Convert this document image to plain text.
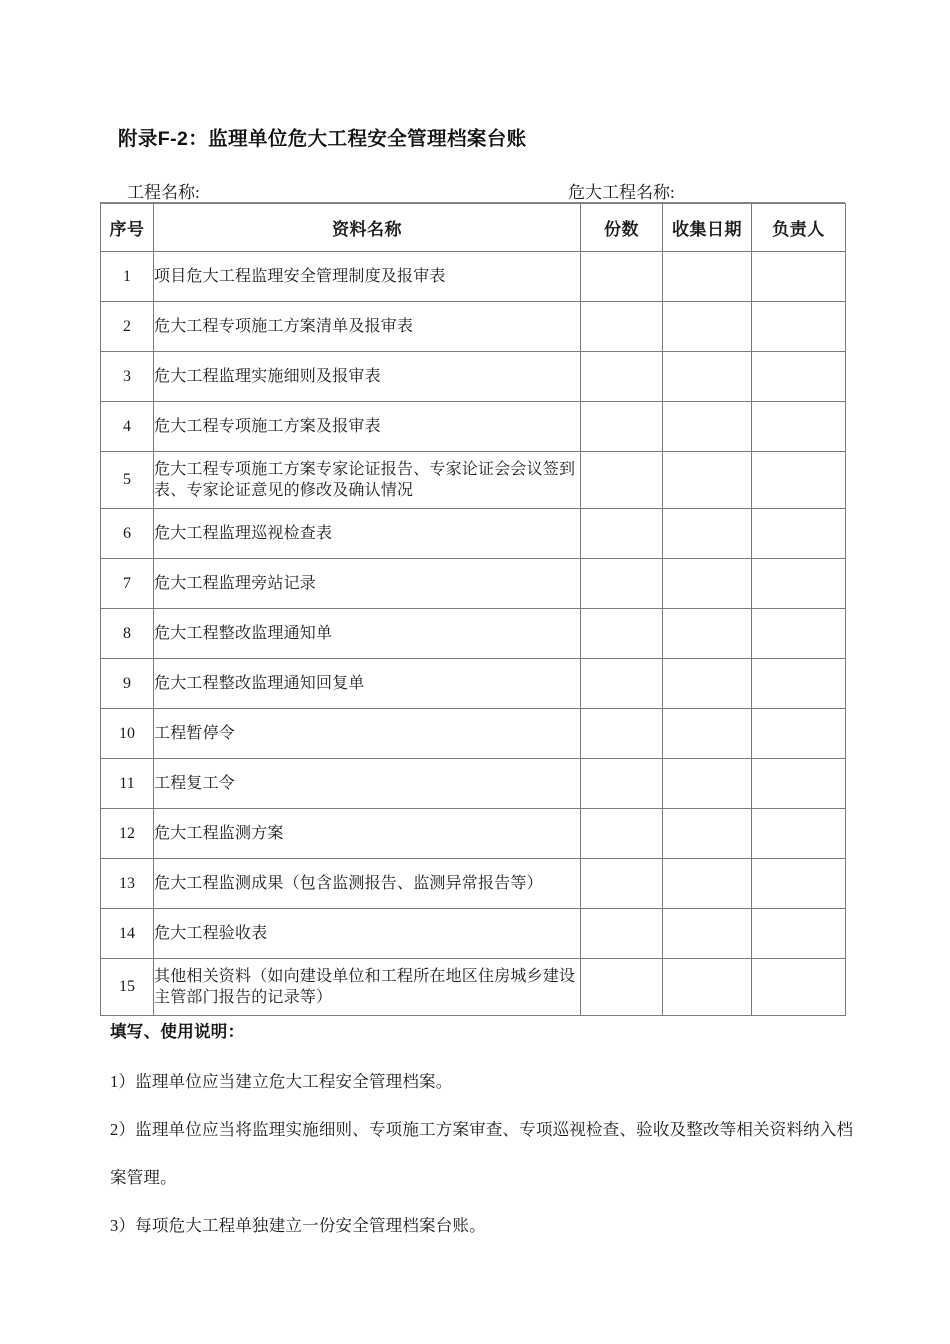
附录F-2：监理单位危大工程安全管理档案台账
工程名称:	危大工程名称:
序号	资料名称	份数	收集日期	负责人
1	项目危大工程监理安全管理制度及报审表			
2	危大工程专项施工方案清单及报审表			
3	危大工程监理实施细则及报审表			
4	危大工程专项施工方案及报审表			
5	危大工程专项施工方案专家论证报告、专家论证会会议签到表、专家论证意见的修改及确认情况			
6	危大工程监理巡视检查表			
7	危大工程监理旁站记录			
8	危大工程整改监理通知单			
9	危大工程整改监理通知回复单			
10	工程暂停令			
11	工程复工令			
12	危大工程监测方案			
13	危大工程监测成果（包含监测报告、监测异常报告等）			
14	危大工程验收表			
15	其他相关资料（如向建设单位和工程所在地区住房城乡建设主管部门报告的记录等）			
填写、使用说明：

1）监理单位应当建立危大工程安全管理档案。

2）监理单位应当将监理实施细则、专项施工方案审查、专项巡视检查、验收及整改等相关资料纳入档案管理。

3）每项危大工程单独建立一份安全管理档案台账。
